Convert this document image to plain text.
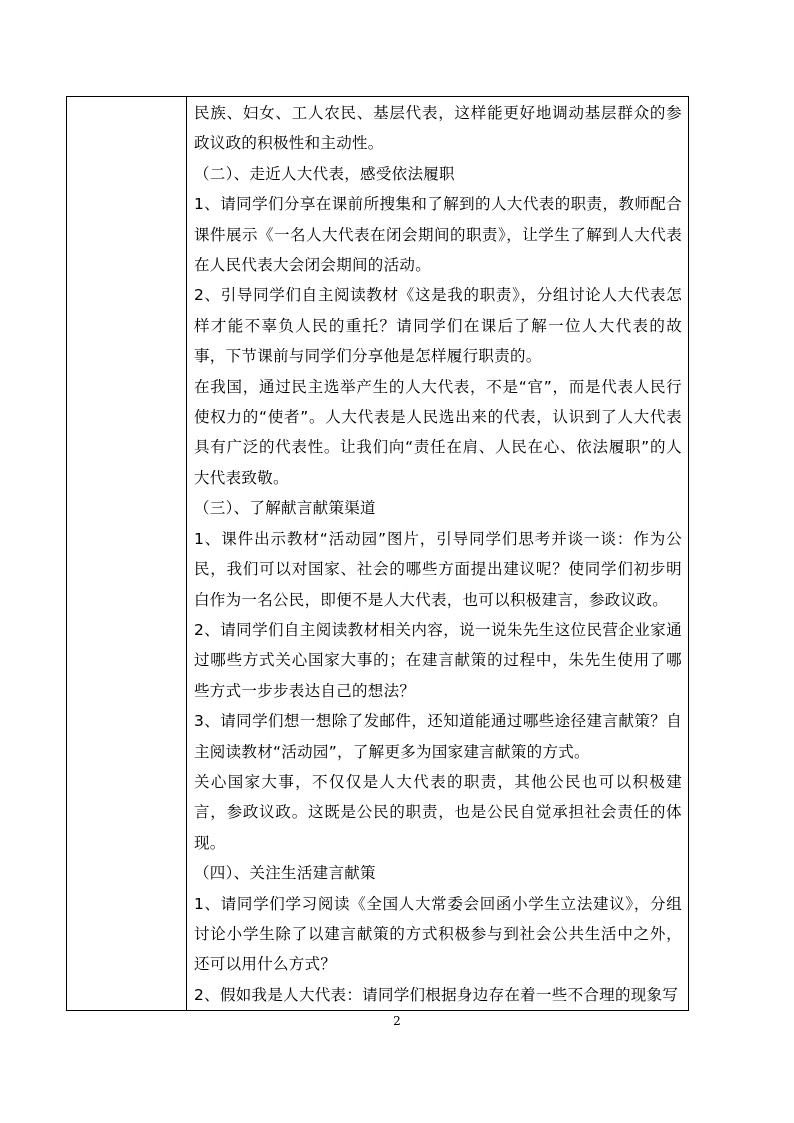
民族、妇女、工人农民、基层代表，这样能更好地调动基层群众的参政议政的积极性和主动性。

（二）、走近人大代表，感受依法履职

1、请同学们分享在课前所搜集和了解到的人大代表的职责，教师配合课件展示《一名人大代表在闭会期间的职责》，让学生了解到人大代表在人民代表大会闭会期间的活动。

2、引导同学们自主阅读教材《这是我的职责》，分组讨论人大代表怎样才能不辜负人民的重托？请同学们在课后了解一位人大代表的故事，下节课前与同学们分享他是怎样履行职责的。

在我国，通过民主选举产生的人大代表，不是“官”，而是代表人民行使权力的“使者”。人大代表是人民选出来的代表，认识到了人大代表具有广泛的代表性。让我们向“责任在肩、人民在心、依法履职”的人大代表致敬。

（三）、了解献言献策渠道

1、课件出示教材“活动园”图片，引导同学们思考并谈一谈：作为公民，我们可以对国家、社会的哪些方面提出建议呢？使同学们初步明白作为一名公民，即便不是人大代表，也可以积极建言，参政议政。

2、请同学们自主阅读教材相关内容，说一说朱先生这位民营企业家通过哪些方式关心国家大事的；在建言献策的过程中，朱先生使用了哪些方式一步步表达自己的想法？

3、请同学们想一想除了发邮件，还知道能通过哪些途径建言献策？自主阅读教材“活动园”，了解更多为国家建言献策的方式。

关心国家大事，不仅仅是人大代表的职责，其他公民也可以积极建言，参政议政。这既是公民的职责，也是公民自觉承担社会责任的体现。

（四）、关注生活建言献策

1、请同学们学习阅读《全国人大常委会回函小学生立法建议》，分组讨论小学生除了以建言献策的方式积极参与到社会公共生活中之外，还可以用什么方式？

2、假如我是人大代表：请同学们根据身边存在着一些不合理的现象写

2
